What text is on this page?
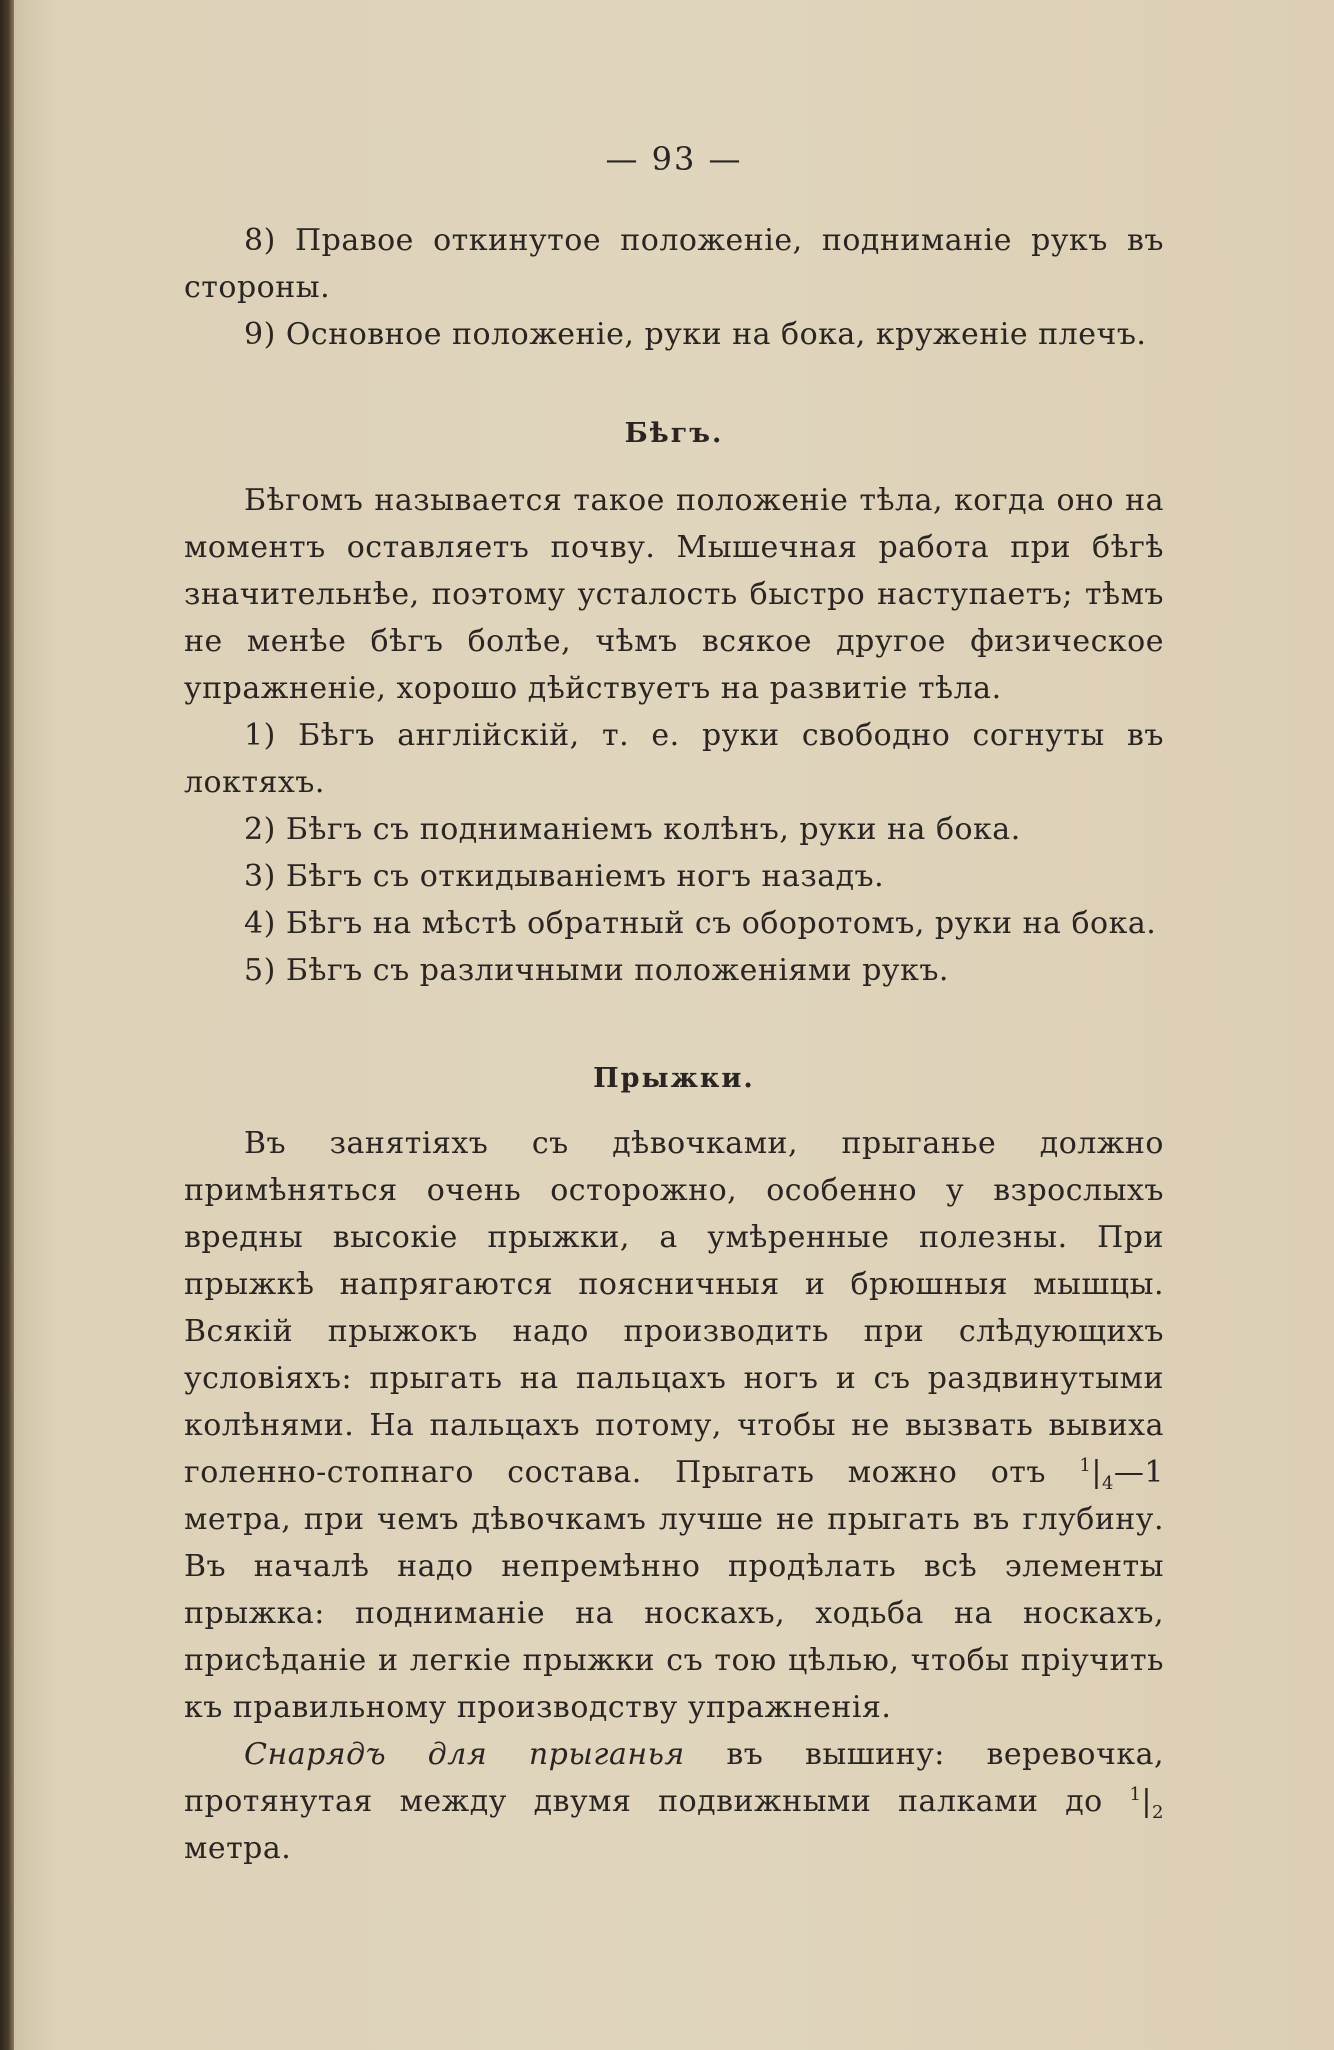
— 93 —

8) Правое откинутое положеніе, подниманіе рукъ въ стороны.

9) Основное положеніе, руки на бока, круженіе плечъ.

Бѣгъ.

Бѣгомъ называется такое положеніе тѣла, когда оно на моментъ оставляетъ почву. Мышечная работа при бѣгѣ значительнѣе, поэтому усталость быстро наступаетъ; тѣмъ не менѣе бѣгъ болѣе, чѣмъ всякое другое физическое упражненіе, хорошо дѣйствуетъ на развитіе тѣла.

1) Бѣгъ англійскій, т. е. руки свободно согнуты въ локтяхъ.

2) Бѣгъ съ подниманіемъ колѣнъ, руки на бока.

3) Бѣгъ съ откидываніемъ ногъ назадъ.

4) Бѣгъ на мѣстѣ обратный съ оборотомъ, руки на бока.

5) Бѣгъ съ различными положеніями рукъ.

Прыжки.

Въ занятіяхъ съ дѣвочками, прыганье должно примѣняться очень осторожно, особенно у взрослыхъ вредны высокіе прыжки, а умѣренные полезны. При прыжкѣ напрягаются поясничныя и брюшныя мышцы. Всякій прыжокъ надо производить при слѣдующихъ условіяхъ: прыгать на пальцахъ ногъ и съ раздвинутыми колѣнями. На пальцахъ потому, чтобы не вызвать вывиха голенно-стопнаго состава. Прыгать можно отъ $^1|_4—1$ метра, при чемъ дѣвочкамъ лучше не прыгать въ глубину. Въ началѣ надо непремѣнно продѣлать всѣ элементы прыжка: подниманіе на носкахъ, ходьба на носкахъ, присѣданіе и легкіе прыжки съ тою цѣлью, чтобы пріучить къ правильному производству упражненія.

Снарядъ для прыганья въ вышину: веревочка, протянутая между двумя подвижными палками до $^1|_2$ метра.
